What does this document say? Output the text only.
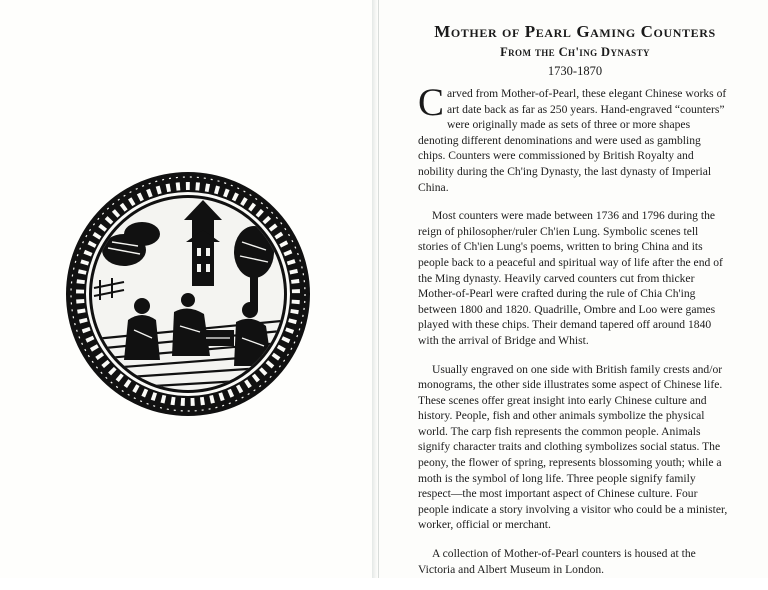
Mother of Pearl Gaming Counters
From the Ch'ing Dynasty
1730-1870

Carved from Mother-of-Pearl, these elegant Chinese works of art date back as far as 250 years. Hand-engraved “counters” were originally made as sets of three or more shapes denoting different denominations and were used as gambling chips. Counters were commissioned by British Royalty and nobility during the Ch'ing Dynasty, the last dynasty of Imperial China.

Most counters were made between 1736 and 1796 during the reign of philosopher/ruler Ch'ien Lung. Symbolic scenes tell stories of Ch'ien Lung's poems, written to bring China and its people back to a peaceful and spiritual way of life after the end of the Ming dynasty. Heavily carved counters cut from thicker Mother-of-Pearl were crafted during the rule of Chia Ch'ing between 1800 and 1820. Quadrille, Ombre and Loo were games played with these chips. Their demand tapered off around 1840 with the arrival of Bridge and Whist.

Usually engraved on one side with British family crests and/or monograms, the other side illustrates some aspect of Chinese life. These scenes offer great insight into early Chinese culture and history. People, fish and other animals symbolize the physical world. The carp fish represents the common people. Animals signify character traits and clothing symbolizes social status. The peony, the flower of spring, represents blossoming youth; while a moth is the symbol of long life. Three people signify family respect—the most important aspect of Chinese culture. Four people indicate a story involving a visitor who could be a minister, worker, official or merchant.

A collection of Mother-of-Pearl counters is housed at the Victoria and Albert Museum in London.
